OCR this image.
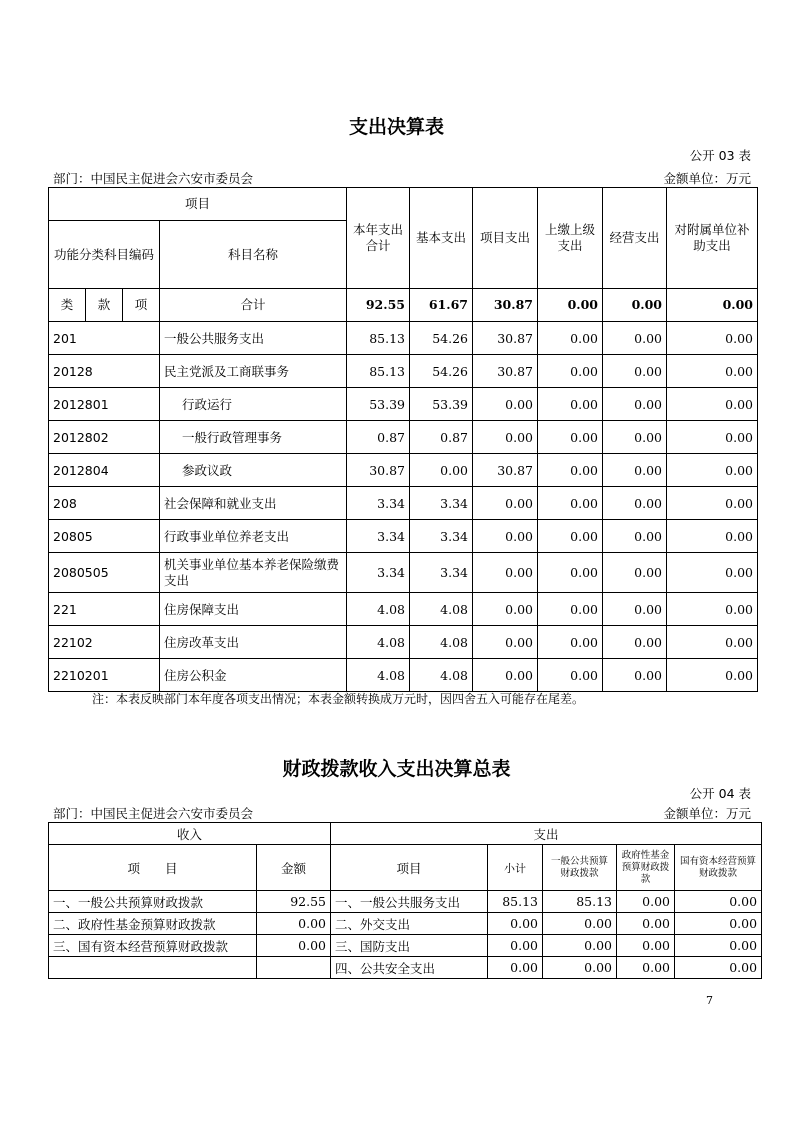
支出决算表
公开 03 表
部门：中国民主促进会六安市委员会	金额单位：万元
项目				本年支出合计	基本支出	项目支出	上缴上级支出	经营支出	对附属单位补助支出
功能分类科目编码			科目名称						
类	款	项	合计	92.55	61.67	30.87	0.00	0.00	0.00
201			一般公共服务支出	85.13	54.26	30.87	0.00	0.00	0.00
20128			民主党派及工商联事务	85.13	54.26	30.87	0.00	0.00	0.00
2012801			行政运行	53.39	53.39	0.00	0.00	0.00	0.00
2012802			一般行政管理事务	0.87	0.87	0.00	0.00	0.00	0.00
2012804			参政议政	30.87	0.00	30.87	0.00	0.00	0.00
208			社会保障和就业支出	3.34	3.34	0.00	0.00	0.00	0.00
20805			行政事业单位养老支出	3.34	3.34	0.00	0.00	0.00	0.00
2080505			机关事业单位基本养老保险缴费支出	3.34	3.34	0.00	0.00	0.00	0.00
221			住房保障支出	4.08	4.08	0.00	0.00	0.00	0.00
22102			住房改革支出	4.08	4.08	0.00	0.00	0.00	0.00
2210201			住房公积金	4.08	4.08	0.00	0.00	0.00	0.00
注：本表反映部门本年度各项支出情况；本表金额转换成万元时，因四舍五入可能存在尾差。
财政拨款收入支出决算总表
公开 04 表
部门：中国民主促进会六安市委员会	金额单位：万元
收入		支出				
项　　目	金额	项目	小计	一般公共预算财政拨款	政府性基金预算财政拨款	国有资本经营预算财政拨款
一、一般公共预算财政拨款	92.55	一、一般公共服务支出	85.13	85.13	0.00	0.00
二、政府性基金预算财政拨款	0.00	二、外交支出	0.00	0.00	0.00	0.00
三、国有资本经营预算财政拨款	0.00	三、国防支出	0.00	0.00	0.00	0.00
		四、公共安全支出	0.00	0.00	0.00	0.00
7
